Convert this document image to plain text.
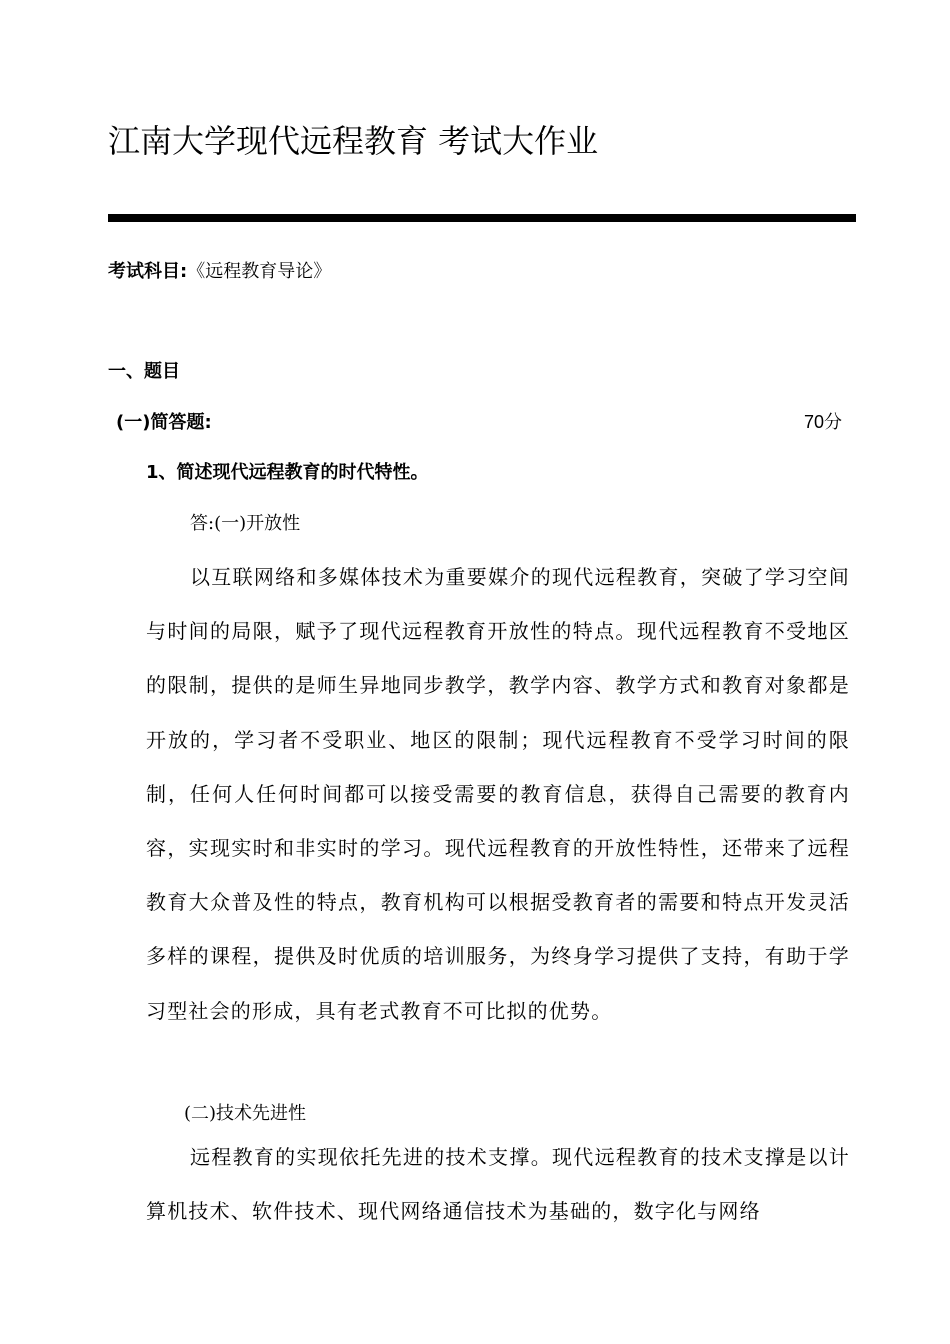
江南大学现代远程教育 考试大作业
考试科目:《远程教育导论》
一、题目
(一)简答题:	70分
1、简述现代远程教育的时代特性。
答:(一)开放性

以互联网络和多媒体技术为重要媒介的现代远程教育，突破了学习空间与时间的局限，赋予了现代远程教育开放性的特点。现代远程教育不受地区的限制，提供的是师生异地同步教学，教学内容、教学方式和教育对象都是开放的，学习者不受职业、地区的限制；现代远程教育不受学习时间的限制，任何人任何时间都可以接受需要的教育信息，获得自己需要的教育内容，实现实时和非实时的学习。现代远程教育的开放性特性，还带来了远程教育大众普及性的特点，教育机构可以根据受教育者的需要和特点开发灵活多样的课程，提供及时优质的培训服务，为终身学习提供了支持，有助于学习型社会的形成，具有老式教育不可比拟的优势。

(二)技术先进性

远程教育的实现依托先进的技术支撑。现代远程教育的技术支撑是以计算机技术、软件技术、现代网络通信技术为基础的，数字化与网络
